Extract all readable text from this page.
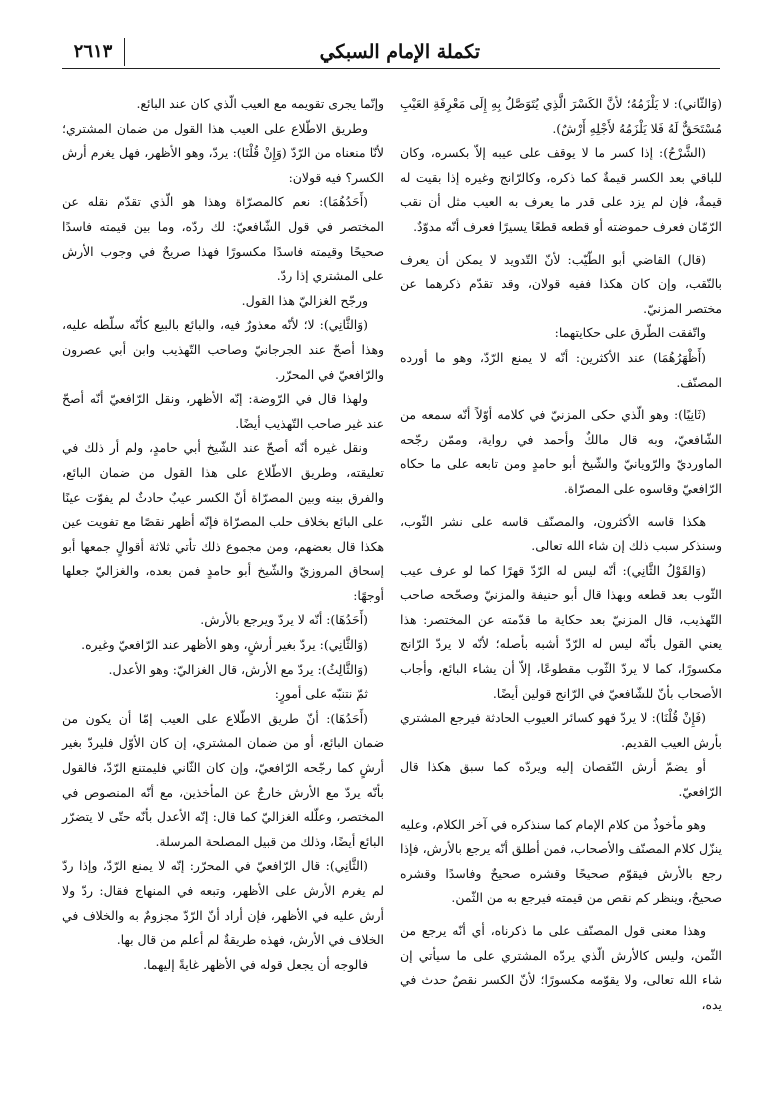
تكملة الإمام السبكي
٢٦١٣

(وَالثّاني): لا يَلْزَمُهُ؛ لأنَّ الكَسْرَ الَّذِي يُتَوَصَّلُ بِهِ إِلَى مَعْرِفَةِ العَيْبِ مُسْتَحَقٌّ لَهُ فَلا يَلْزَمُهُ لأَجْلِهِ أَرْشٌ).

(الشَّرْحُ): إذا كسر ما لا يوقف على عيبه إلاّ بكسره، وكان للباقي بعد الكسر قيمةٌ كما ذكره، وكالرّانج وغيره إذا بقيت له قيمةٌ، فإن لم يزد على قدر ما يعرف به العيب مثل أن نقب الرّمّان فعرف حموضته أو قطعه قطعًا يسيرًا فعرف أنّه مدوّدٌ.

(قال) القاضي أبو الطّيّب: لأنّ التّدويد لا يمكن أن يعرف بالنّقب، وإن كان هكذا ففيه قولان، وقد تقدّم ذكرهما عن مختصر المزنيّ.

واتّفقت الطّرق على حكايتهما:

(أَظْهَرُهُمَا) عند الأكثرين: أنّه لا يمنع الرّدّ، وهو ما أورده المصنّف.

(ثَانِيًا): وهو الّذي حكى المزنيّ في كلامه أوّلاً أنّه سمعه من الشّافعيّ، وبه قال مالكٌ وأحمد في رواية، وممّن رجّحه الماورديّ والرّويانيّ والشّيخ أبو حامدٍ ومن تابعه على ما حكاه الرّافعيّ وقاسوه على المصرّاة.

هكذا قاسه الأكثرون، والمصنّف قاسه على نشر الثّوب، وسنذكر سبب ذلك إن شاء الله تعالى.

(وَالقَوْلُ الثَّانِي): أنّه ليس له الرّدّ قهرًا كما لو عرف عيب الثّوب بعد قطعه وبهذا قال أبو حنيفة والمزنيّ وصحّحه صاحب التّهذيب، قال المزنيّ بعد حكاية ما قدّمته عن المختصر: هذا يعني القول بأنّه ليس له الرّدّ أشبه بأصله؛ لأنّه لا يردّ الرّانج مكسورًا، كما لا يردّ الثّوب مقطوعًا، إلاّ أن يشاء البائع، وأجاب الأصحاب بأنّ للشّافعيّ في الرّانج قولين أيضًا.

(فَإِنْ قُلْنَا): لا يردّ فهو كسائر العيوب الحادثة فيرجع المشتري بأرش العيب القديم.

أو يضمّ أرش النّقصان إليه ويردّه كما سبق هكذا قال الرّافعيّ.

وهو مأخوذٌ من كلام الإمام كما سنذكره في آخر الكلام، وعليه ينزّل كلام المصنّف والأصحاب، فمن أطلق أنّه يرجع بالأرش، فإذا رجع بالأرش فيقوّم صحيحًا وقشره صحيحٌ وفاسدًا وقشره صحيحٌ، وينظر كم نقص من قيمته فيرجع به من الثّمن.

وهذا معنى قول المصنّف على ما ذكرناه، أي أنّه يرجع من الثّمن، وليس كالأرش الّذي يردّه المشتري على ما سيأتي إن شاء الله تعالى، ولا يقوّمه مكسورًا؛ لأنّ الكسر نقصٌ حدث في يده،

وإنّما يجرى تقويمه مع العيب الّذي كان عند البائع.

وطريق الاطّلاع على العيب هذا القول من ضمان المشتري؛ لأنّا منعناه من الرّدّ (وَإِنْ قُلْنَا): يردّ، وهو الأظهر، فهل يغرم أرش الكسر؟ فيه قولان:

(أَحَدُهُمَا): نعم كالمصرّاة وهذا هو الّذي تقدّم نقله عن المختصر في قول الشّافعيّ: لك ردّه، وما بين قيمته فاسدًا صحيحًا وقيمته فاسدًا مكسورًا فهذا صريحٌ في وجوب الأرش على المشتري إذا ردّ.

ورجّح الغزاليّ هذا القول.

(وَالثَّانِي): لا؛ لأنّه معذورٌ فيه، والبائع بالبيع كأنّه سلّطه عليه، وهذا أصحّ عند الجرجانيّ وصاحب التّهذيب وابن أبي عصرون والرّافعيّ في المحرّر.

ولهذا قال في الرّوضة: إنّه الأظهر، ونقل الرّافعيّ أنّه أصحّ عند غير صاحب التّهذيب أيضًا.

ونقل غيره أنّه أصحّ عند الشّيخ أبي حامدٍ، ولم أر ذلك في تعليقته، وطريق الاطّلاع على هذا القول من ضمان البائع، والفرق بينه وبين المصرّاة أنّ الكسر عيبٌ حادثٌ لم يفوّت عينًا على البائع بخلاف حلب المصرّاة فإنّه أظهر نقصًا مع تفويت عين هكذا قال بعضهم، ومن مجموع ذلك تأتي ثلاثة أقوالٍ جمعها أبو إسحاق المروزيّ والشّيخ أبو حامدٍ فمن بعده، والغزاليّ جعلها أوجهًا:

(أَحَدُهَا): أنّه لا يردّ ويرجع بالأرش.

(وَالثَّانِي): يردّ بغير أرشٍ، وهو الأظهر عند الرّافعيّ وغيره.

(وَالثَّالِثُ): يردّ مع الأرش، قال الغزاليّ: وهو الأعدل.

ثمّ نتنبّه على أمورٍ:

(أَحَدُهَا): أنّ طريق الاطّلاع على العيب إمّا أن يكون من ضمان البائع، أو من ضمان المشتري، إن كان الأوّل فليردّ بغير أرشٍ كما رجّحه الرّافعيّ، وإن كان الثّاني فليمتنع الرّدّ، فالقول بأنّه يردّ مع الأرش خارجٌ عن المأخذين، مع أنّه المنصوص في المختصر، وعلّله الغزاليّ كما قال: إنّه الأعدل بأنّه حتّى لا يتضرّر البائع أيضًا، وذلك من قبيل المصلحة المرسلة.

(الثَّانِي): قال الرّافعيّ في المحرّر: إنّه لا يمنع الرّدّ، وإذا ردّ لم يغرم الأرش على الأظهر، وتبعه في المنهاج فقال: ردّ ولا أرش عليه في الأظهر، فإن أراد أنّ الرّدّ مجزومٌ به والخلاف في الخلاف في الأرش، فهذه طريقةٌ لم أعلم من قال بها.

فالوجه أن يجعل قوله في الأظهر غايةً إليهما.
